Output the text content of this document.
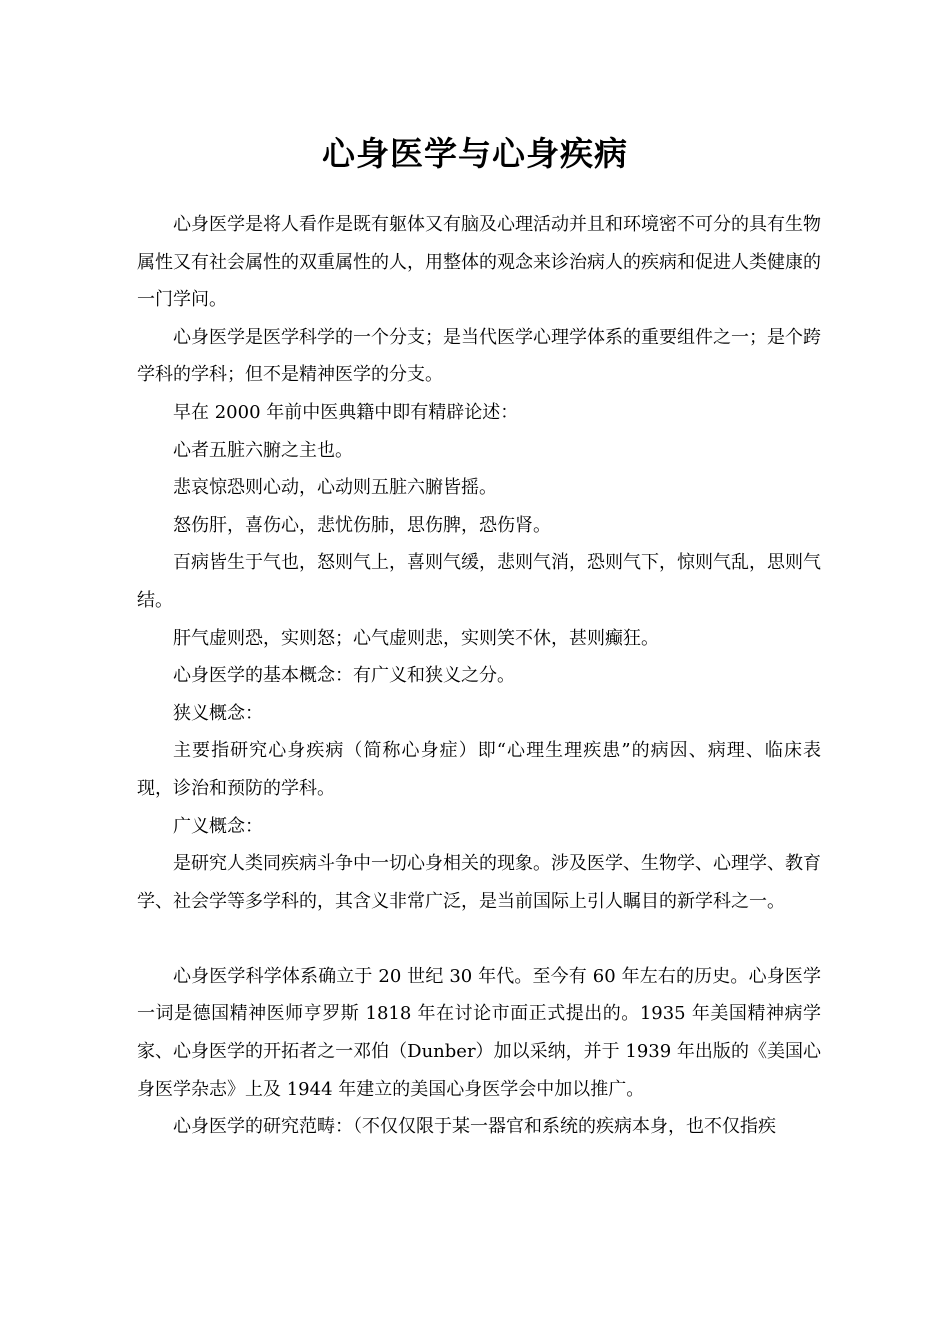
心身医学与心身疾病

心身医学是将人看作是既有躯体又有脑及心理活动并且和环境密不可分的具有生物属性又有社会属性的双重属性的人，用整体的观念来诊治病人的疾病和促进人类健康的一门学问。

心身医学是医学科学的一个分支；是当代医学心理学体系的重要组件之一；是个跨学科的学科；但不是精神医学的分支。

早在 2000 年前中医典籍中即有精辟论述：

心者五脏六腑之主也。

悲哀惊恐则心动，心动则五脏六腑皆摇。

怒伤肝，喜伤心，悲忧伤肺，思伤脾，恐伤肾。

百病皆生于气也，怒则气上，喜则气缓，悲则气消，恐则气下，惊则气乱，思则气结。

肝气虚则恐，实则怒；心气虚则悲，实则笑不休，甚则癫狂。

心身医学的基本概念：有广义和狭义之分。

狭义概念：

主要指研究心身疾病（简称心身症）即“心理生理疾患”的病因、病理、临床表现，诊治和预防的学科。

广义概念：

是研究人类同疾病斗争中一切心身相关的现象。涉及医学、生物学、心理学、教育学、社会学等多学科的，其含义非常广泛，是当前国际上引人瞩目的新学科之一。

心身医学科学体系确立于 20 世纪 30 年代。至今有 60 年左右的历史。心身医学一词是德国精神医师亨罗斯 1818 年在讨论市面正式提出的。1935 年美国精神病学家、心身医学的开拓者之一邓伯（Dunber）加以采纳，并于 1939 年出版的《美国心身医学杂志》上及 1944 年建立的美国心身医学会中加以推广。

心身医学的研究范畴：（不仅仅限于某一器官和系统的疾病本身，也不仅指疾
